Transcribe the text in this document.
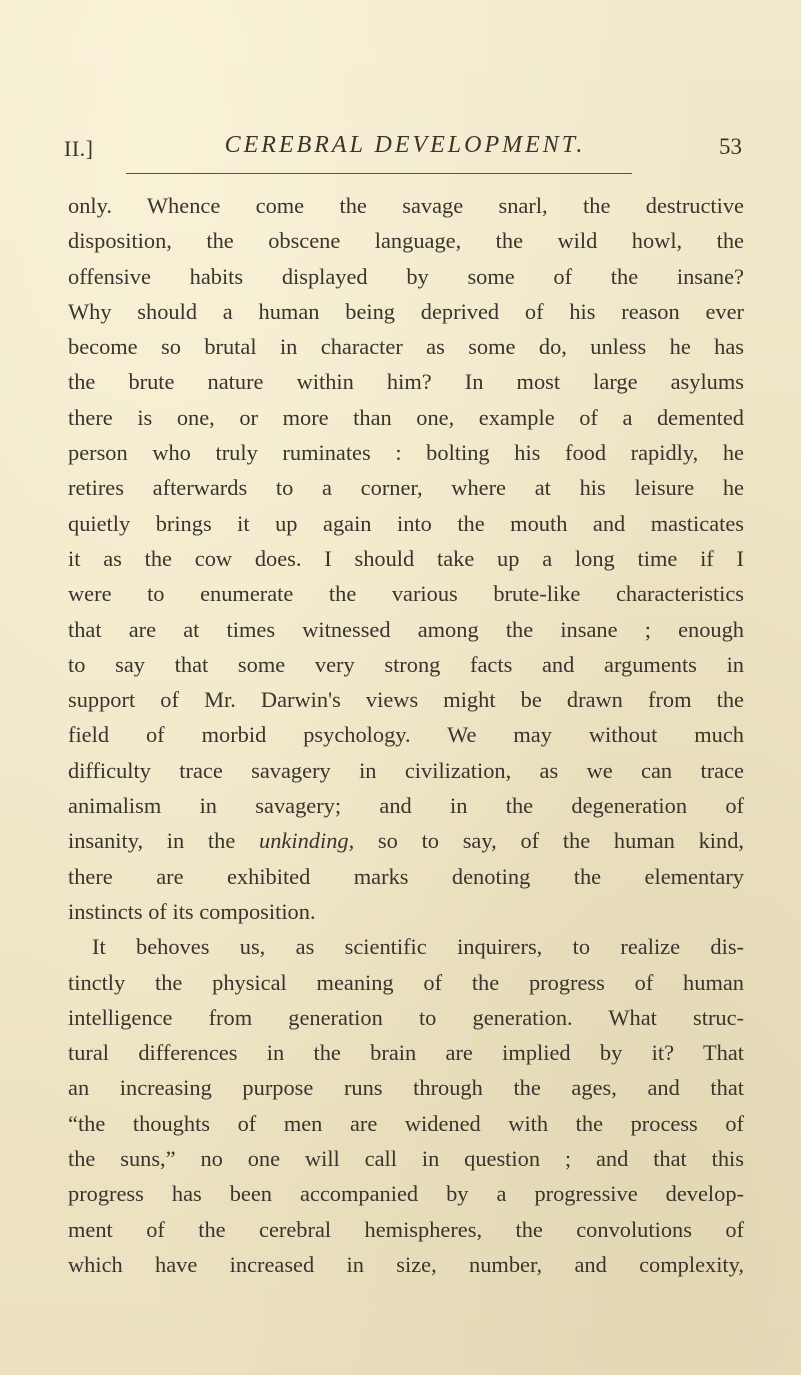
II.]	CEREBRAL DEVELOPMENT.	53
only. Whence come the savage snarl, the destructive
disposition, the obscene language, the wild howl, the
offensive habits displayed by some of the insane?
Why should a human being deprived of his reason ever
become so brutal in character as some do, unless he has
the brute nature within him? In most large asylums
there is one, or more than one, example of a demented
person who truly ruminates : bolting his food rapidly, he
retires afterwards to a corner, where at his leisure he
quietly brings it up again into the mouth and masticates
it as the cow does. I should take up a long time if I
were to enumerate the various brute-like characteristics
that are at times witnessed among the insane ; enough
to say that some very strong facts and arguments in
support of Mr. Darwin's views might be drawn from the
field of morbid psychology. We may without much
difficulty trace savagery in civilization, as we can trace
animalism in savagery; and in the degeneration of
insanity, in the unkinding, so to say, of the human kind,
there are exhibited marks denoting the elementary
instincts of its composition.
It behoves us, as scientific inquirers, to realize dis-
tinctly the physical meaning of the progress of human
intelligence from generation to generation. What struc-
tural differences in the brain are implied by it? That
an increasing purpose runs through the ages, and that
“the thoughts of men are widened with the process of
the suns,” no one will call in question ; and that this
progress has been accompanied by a progressive develop-
ment of the cerebral hemispheres, the convolutions of
which have increased in size, number, and complexity,
